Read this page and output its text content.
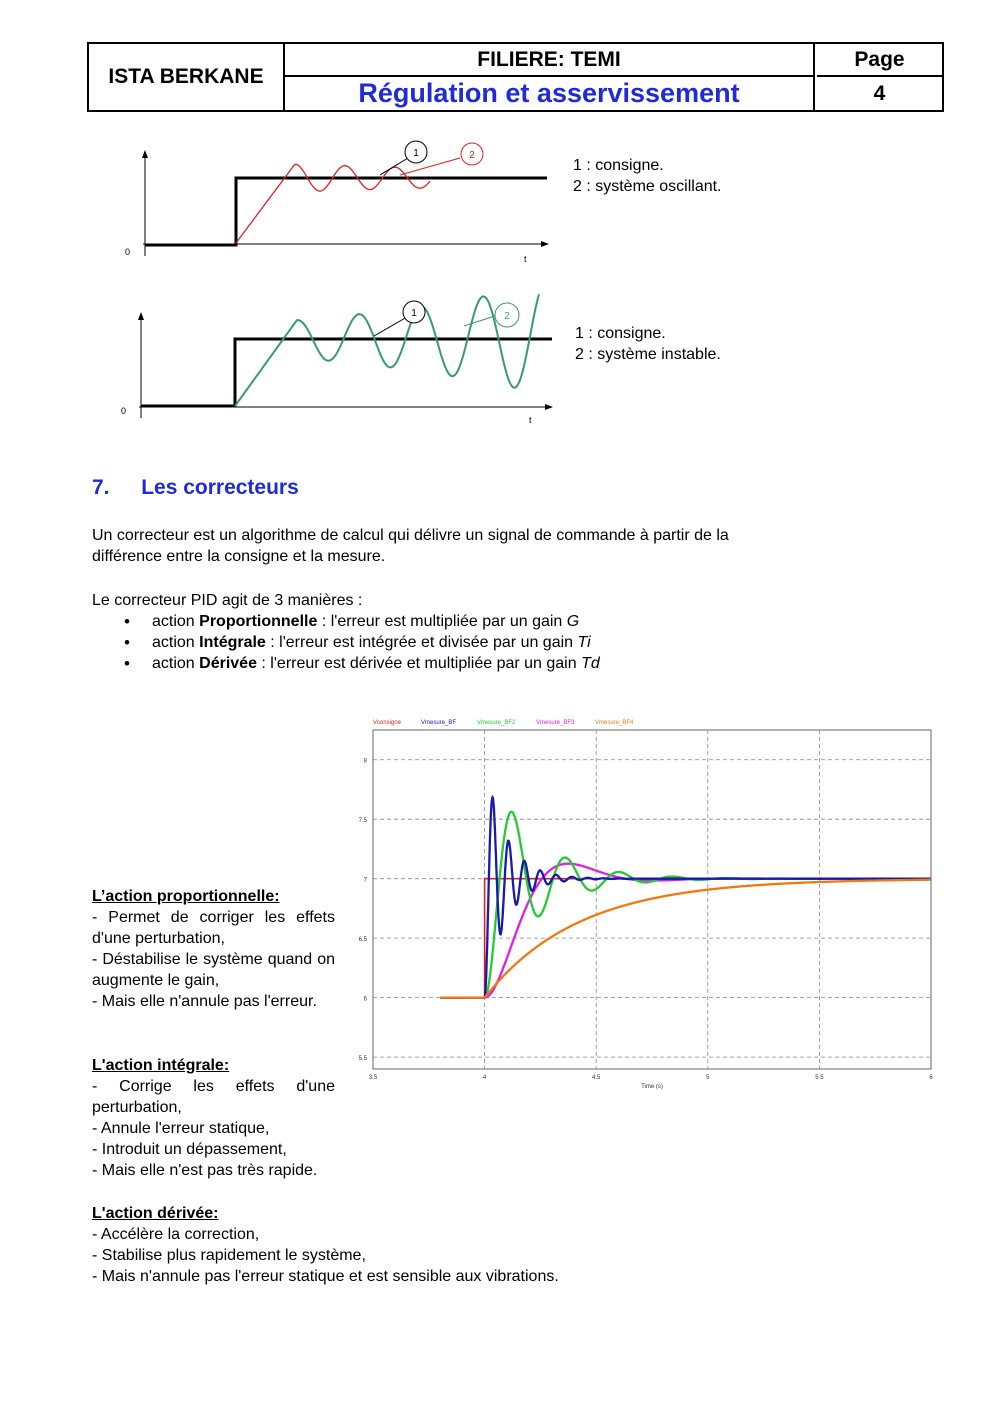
ISTA BERKANE
FILIERE: TEMI
Régulation et asservissement
Page
4
0
t
1	2
1 : consigne.
2 : système oscillant.
0
t
1	2
1 : consigne.
2 : système instable.
7. Les correcteurs
Un correcteur est un algorithme de calcul qui délivre un signal de commande à partir de la
différence entre la consigne et la mesure.
Le correcteur PID agit de 3 manières :
• action Proportionnelle : l'erreur est multipliée par un gain G
• action Intégrale : l'erreur est intégrée et divisée par un gain Ti
• action Dérivée : l'erreur est dérivée et multipliée par un gain Td
5.5
6
6.5
7
7.5
8
3.5	4	4.5	5	5.5	6
Time (s)
Vconsigne	Vmesure_BF	Vmesure_BF2	Vmesure_BF3	Vmesure_BF4
L’action proportionnelle:

- Permet de corriger les effets d'une perturbation,

- Déstabilise le système quand on augmente le gain,

- Mais elle n'annule pas l'erreur.

L'action intégrale:

- Corrige les effets d'une perturbation,

- Annule l'erreur statique,

- Introduit un dépassement,

- Mais elle n'est pas très rapide.

L'action dérivée:

- Accélère la correction,

- Stabilise plus rapidement le système,

- Mais n'annule pas l'erreur statique et est sensible aux vibrations.
